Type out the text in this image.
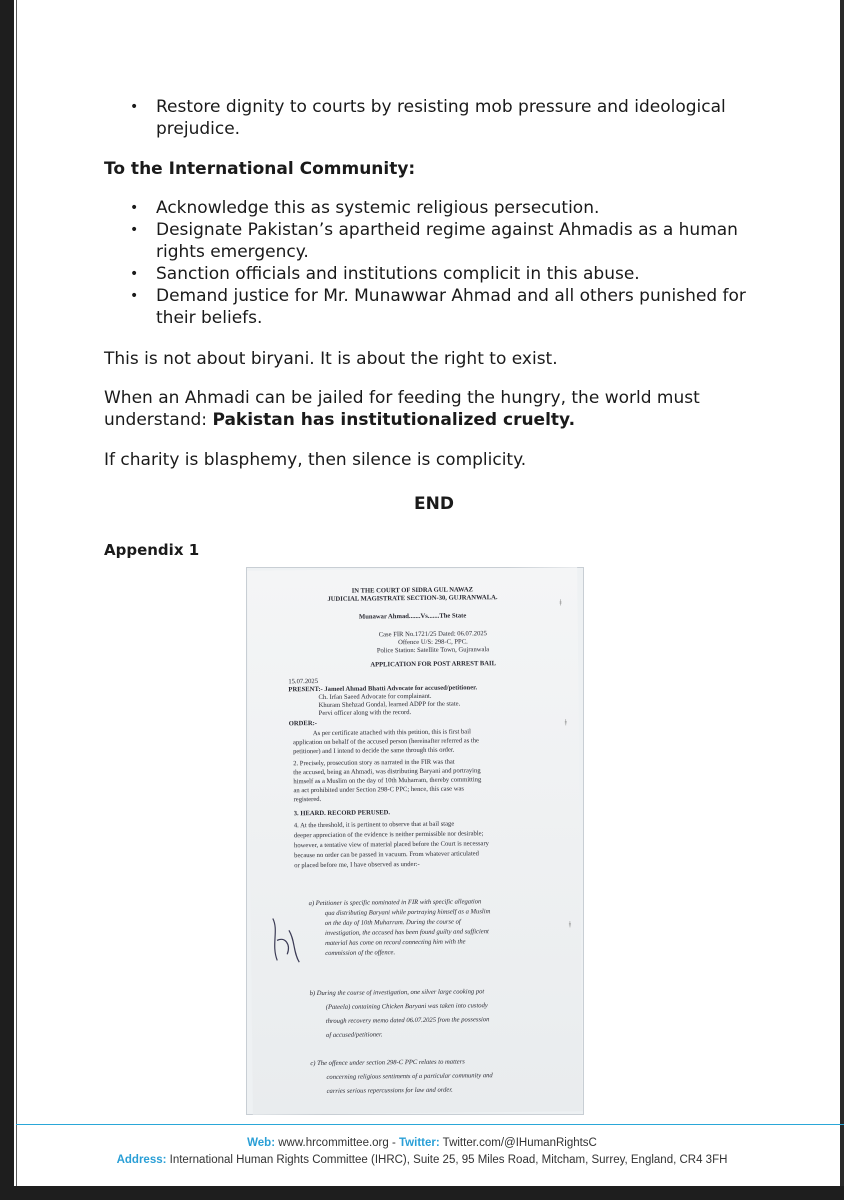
• Restore dignity to courts by resisting mob pressure and ideological prejudice.

To the International Community:

• Acknowledge this as systemic religious persecution.
• Designate Pakistan’s apartheid regime against Ahmadis as a human rights emergency.
• Sanction officials and institutions complicit in this abuse.
• Demand justice for Mr. Munawwar Ahmad and all others punished for their beliefs.

This is not about biryani. It is about the right to exist.

When an Ahmadi can be jailed for feeding the hungry, the world must understand: Pakistan has institutionalized cruelty.

If charity is blasphemy, then silence is complicity.

END

Appendix 1

ǂ
ǂ
ǂ
IN THE COURT OF SIDRA GUL NAWAZ
JUDICIAL MAGISTRATE SECTION-30, GUJRANWALA.
Munawar Ahmad.......Vs.......The State
Case FIR No.1721/25 Dated: 06.07.2025
Offence U/S: 298-C, PPC.
Police Station: Satellite Town, Gujranwala
APPLICATION FOR POST ARREST BAIL
15.07.2025
PRESENT:- Jameel Ahmad Bhatti Advocate for accused/petitioner.
Ch. Irfan Saeed Advocate for complainant.
Khuram Shehzad Gondal, learned ADPP for the state.
Pervi officer along with the record.
ORDER:-
As per certificate attached with this petition, this is first bail
application on behalf of the accused person (hereinafter referred as the
petitioner) and I intend to decide the same through this order.
2. Precisely, prosecution story as narrated in the FIR was that
the accused, being an Ahmadi, was distributing Baryani and portraying
himself as a Muslim on the day of 10th Muharram, thereby committing
an act prohibited under Section 298-C PPC; hence, this case was
registered.
3. HEARD. RECORD PERUSED.
4. At the threshold, it is pertinent to observe that at bail stage
deeper appreciation of the evidence is neither permissible nor desirable;
however, a tentative view of material placed before the Court is necessary
because no order can be passed in vacuum. From whatever articulated
or placed before me, I have observed as under:-
a) Petitioner is specific nominated in FIR with specific allegation
qua distributing Baryani while portraying himself as a Muslim
on the day of 10th Muharram. During the course of
investigation, the accused has been found guilty and sufficient
material has come on record connecting him with the
commission of the offence.
b) During the course of investigation, one silver large cooking pot
(Pateela) containing Chicken Baryani was taken into custody
through recovery memo dated 06.07.2025 from the possession
of accused/petitioner.
c) The offence under section 298-C PPC relates to matters
concerning religious sentiments of a particular community and
carries serious repercussions for law and order.
Web: www.hrcommittee.org - Twitter: Twitter.com/@IHumanRightsC
Address: International Human Rights Committee (IHRC), Suite 25, 95 Miles Road, Mitcham, Surrey, England, CR4 3FH
